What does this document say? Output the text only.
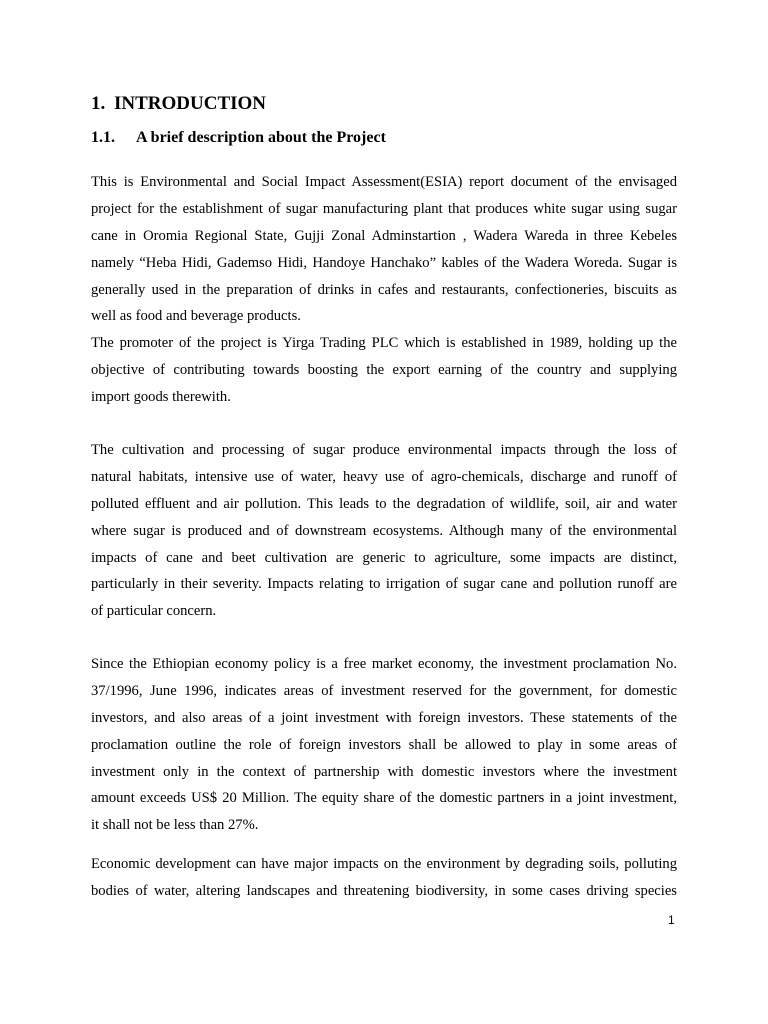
1. INTRODUCTION
1.1. A brief description about the Project
This is Environmental and Social Impact Assessment(ESIA) report document of the envisaged
project for the establishment of sugar manufacturing plant that produces white sugar using sugar
cane in Oromia Regional State, Gujji Zonal Adminstartion , Wadera Wareda in three Kebeles
namely “Heba Hidi, Gademso Hidi, Handoye Hanchako” kables of the Wadera Woreda. Sugar is
generally used in the preparation of drinks in cafes and restaurants, confectioneries, biscuits as
well as food and beverage products.
The promoter of the project is Yirga Trading PLC which is established in 1989, holding up the
objective of contributing towards boosting the export earning of the country and supplying
import goods therewith.
The cultivation and processing of sugar produce environmental impacts through the loss of
natural habitats, intensive use of water, heavy use of agro-chemicals, discharge and runoff of
polluted effluent and air pollution. This leads to the degradation of wildlife, soil, air and water
where sugar is produced and of downstream ecosystems. Although many of the environmental
impacts of cane and beet cultivation are generic to agriculture, some impacts are distinct,
particularly in their severity. Impacts relating to irrigation of sugar cane and pollution runoff are
of particular concern.
Since the Ethiopian economy policy is a free market economy, the investment proclamation No.
37/1996, June 1996, indicates areas of investment reserved for the government, for domestic
investors, and also areas of a joint investment with foreign investors. These statements of the
proclamation outline the role of foreign investors shall be allowed to play in some areas of
investment only in the context of partnership with domestic investors where the investment
amount exceeds US$ 20 Million. The equity share of the domestic partners in a joint investment,
it shall not be less than 27%.
Economic development can have major impacts on the environment by degrading soils, polluting
bodies of water, altering landscapes and threatening biodiversity, in some cases driving species
1
